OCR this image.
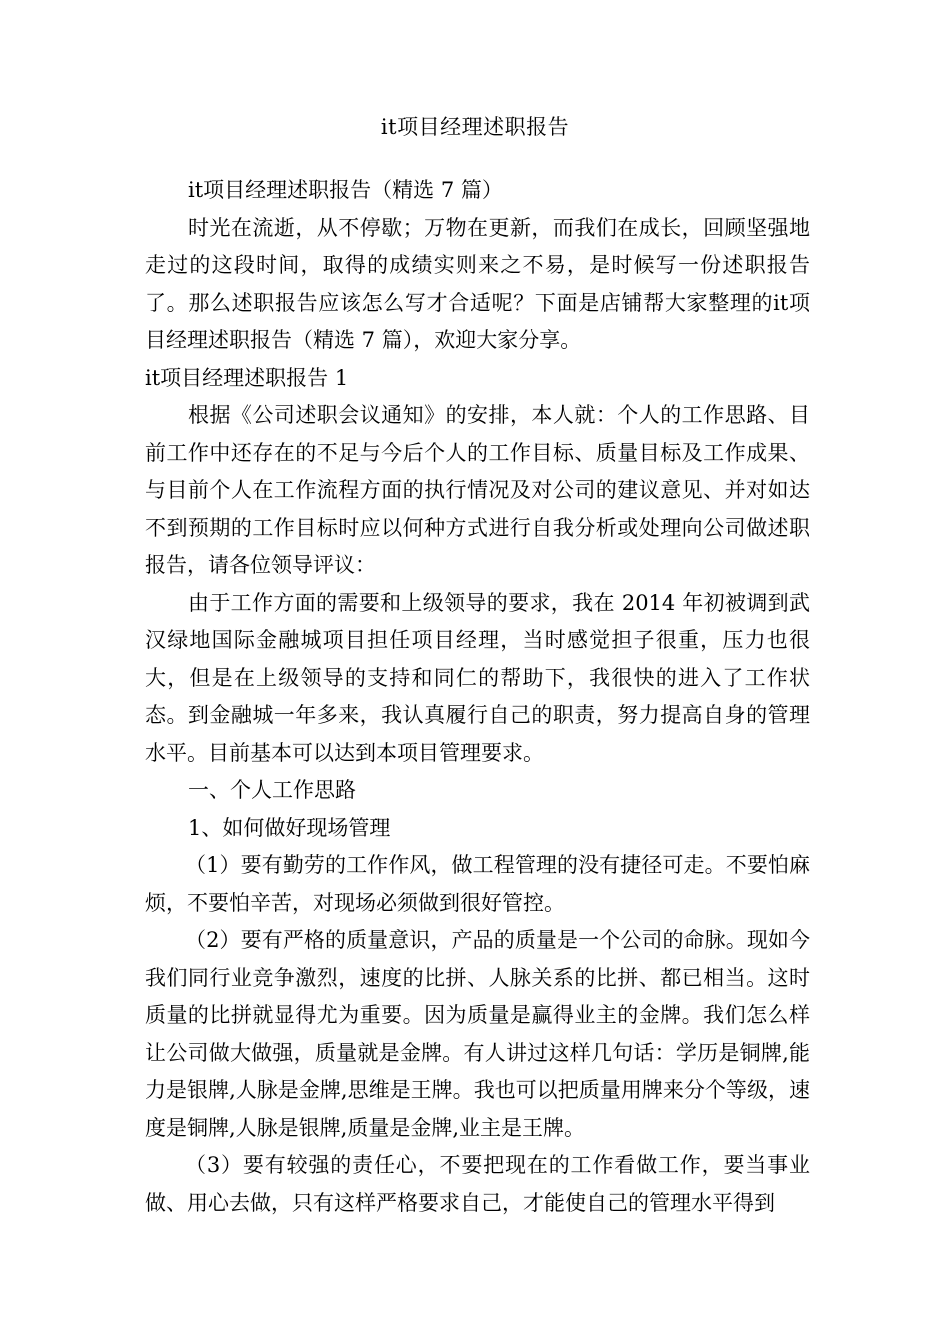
it项目经理述职报告

it项目经理述职报告（精选 7 篇）

时光在流逝，从不停歇；万物在更新，而我们在成长，回顾坚强地走过的这段时间，取得的成绩实则来之不易，是时候写一份述职报告了。那么述职报告应该怎么写才合适呢？下面是店铺帮大家整理的it项目经理述职报告（精选 7 篇），欢迎大家分享。

it项目经理述职报告 1

根据《公司述职会议通知》的安排，本人就：个人的工作思路、目前工作中还存在的不足与今后个人的工作目标、质量目标及工作成果、与目前个人在工作流程方面的执行情况及对公司的建议意见、并对如达不到预期的工作目标时应以何种方式进行自我分析或处理向公司做述职报告，请各位领导评议：

由于工作方面的需要和上级领导的要求，我在 2014 年初被调到武汉绿地国际金融城项目担任项目经理，当时感觉担子很重，压力也很大，但是在上级领导的支持和同仁的帮助下，我很快的进入了工作状态。到金融城一年多来，我认真履行自己的职责，努力提高自身的管理水平。目前基本可以达到本项目管理要求。

一、个人工作思路

1、如何做好现场管理

（1）要有勤劳的工作作风，做工程管理的没有捷径可走。不要怕麻烦，不要怕辛苦，对现场必须做到很好管控。

（2）要有严格的质量意识，产品的质量是一个公司的命脉。现如今我们同行业竞争激烈，速度的比拼、人脉关系的比拼、都已相当。这时质量的比拼就显得尤为重要。因为质量是赢得业主的金牌。我们怎么样让公司做大做强，质量就是金牌。有人讲过这样几句话：学历是铜牌,能力是银牌,人脉是金牌,思维是王牌。我也可以把质量用牌来分个等级，速度是铜牌,人脉是银牌,质量是金牌,业主是王牌。

（3）要有较强的责任心，不要把现在的工作看做工作，要当事业做、用心去做，只有这样严格要求自己，才能使自己的管理水平得到
